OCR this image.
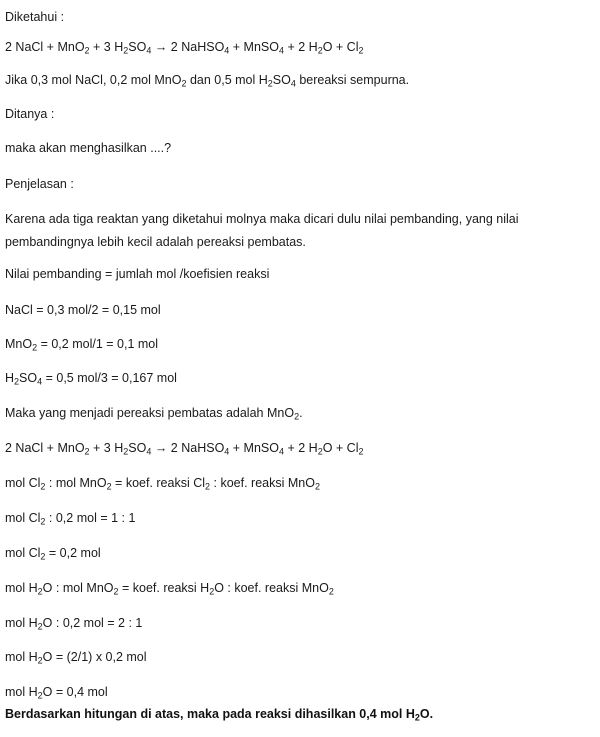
Diketahui :
2 NaCl + MnO$_2$ + 3 $H_2SO_4 \to 2$ NaHSO$_4$ + MnSO$_4$ + 2 $H_2O + Cl_2$
Jika 0,3 mol NaCl, 0,2 mol MnO$_2$ dan 0,5 mol $H_2SO_4$ bereaksi sempurna.
Ditanya :
maka akan menghasilkan ....?
Penjelasan :
Karena ada tiga reaktan yang diketahui molnya maka dicari dulu nilai pembanding, yang nilai pembandingnya lebih kecil adalah pereaksi pembatas.
Nilai pembanding = jumlah mol /koefisien reaksi
NaCl = 0,3 mol/2 = 0,15 mol
MnO$_2$ = 0,2 mol/1 = 0,1 mol
$H_2SO_4 = 0,5$ mol/3 = 0,167 mol
Maka yang menjadi pereaksi pembatas adalah MnO$_2$.
2 NaCl + MnO$_2$ + 3 $H_2SO_4 \to 2$ NaHSO$_4$ + MnSO$_4$ + 2 $H_2O + Cl_2$
mol $Cl_2$ : mol MnO$_2$ = koef. reaksi $Cl_2$ : koef. reaksi MnO$_2$
mol $Cl_2$ : 0,2 mol = 1 : 1
mol $Cl_2 = 0,2$ mol
mol $H_2O$ : mol MnO$_2$ = koef. reaksi $H_2O$ : koef. reaksi MnO$_2$
mol $H_2O$ : 0,2 mol = 2 : 1
mol $H_2O = (2/1)$ x 0,2 mol
mol $H_2O = 0,4$ mol
Berdasarkan hitungan di atas, maka pada reaksi dihasilkan 0,4 mol $H_2O$.
